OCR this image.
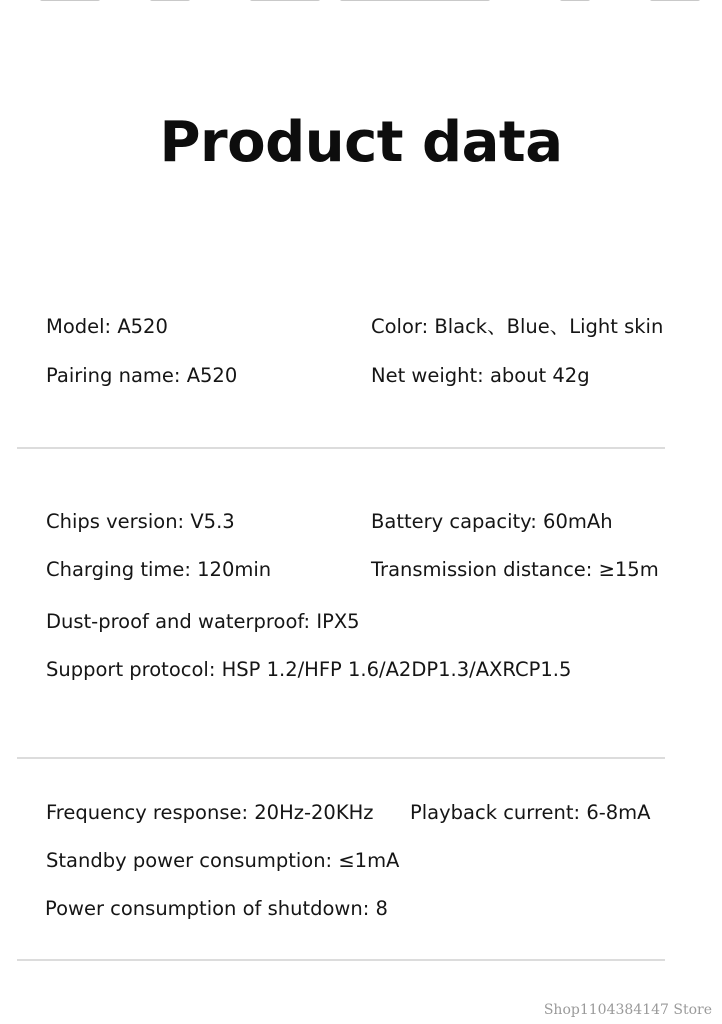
Product data
Model: A520	Color: Black、Blue、Light skin
Pairing name: A520	Net weight: about 42g
Chips version: V5.3	Battery capacity: 60mAh
Charging time: 120min	Transmission distance: ≥15m
Dust-proof and waterproof: IPX5
Support protocol: HSP 1.2/HFP 1.6/A2DP1.3/AXRCP1.5
Frequency response: 20Hz-20KHz Playback current: 6-8mA
Standby power consumption: ≤1mA
Power consumption of shutdown: 8
Shop1104384147 Store
